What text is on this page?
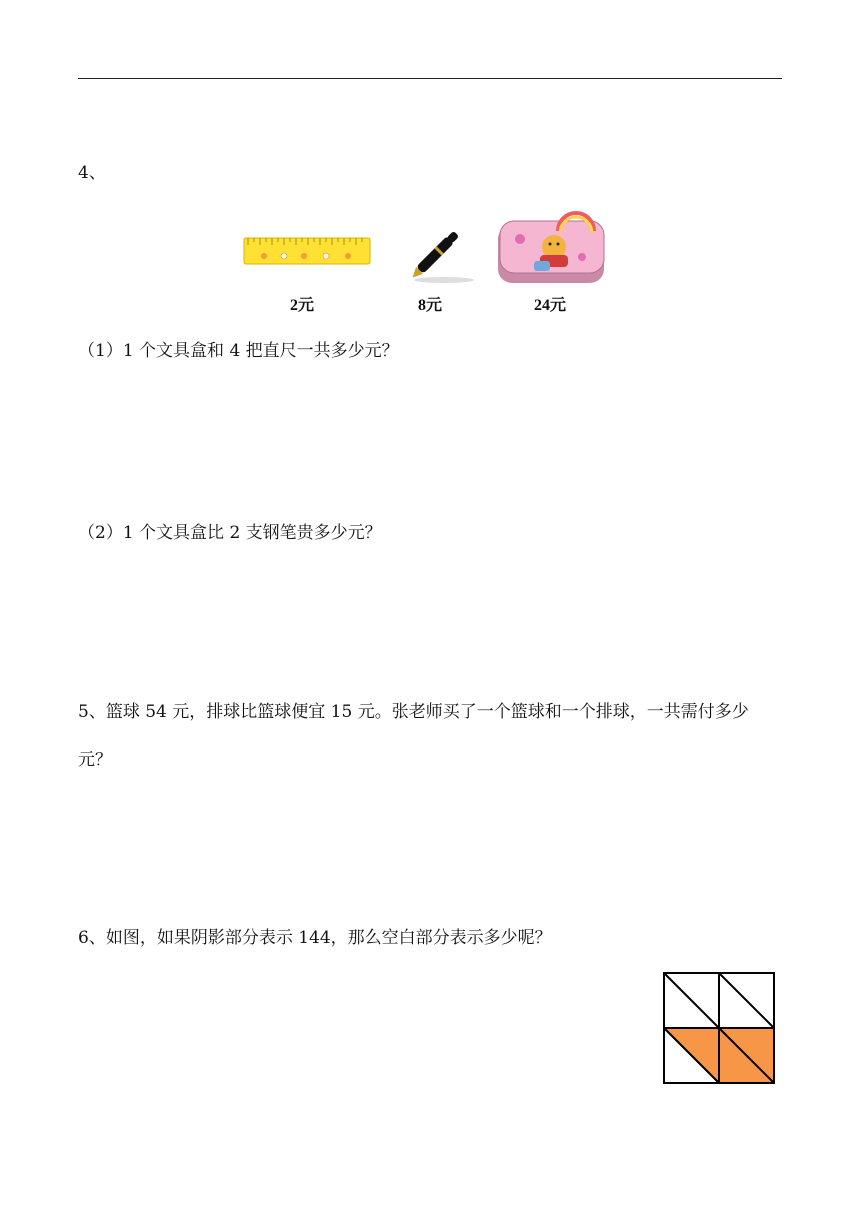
4、
2元	8元	24元
（1）1 个文具盒和 4 把直尺一共多少元？
（2）1 个文具盒比 2 支钢笔贵多少元？
5、篮球 54 元，排球比篮球便宜 15 元。张老师买了一个篮球和一个排球，一共需付多少元？
6、如图，如果阴影部分表示 144，那么空白部分表示多少呢？
